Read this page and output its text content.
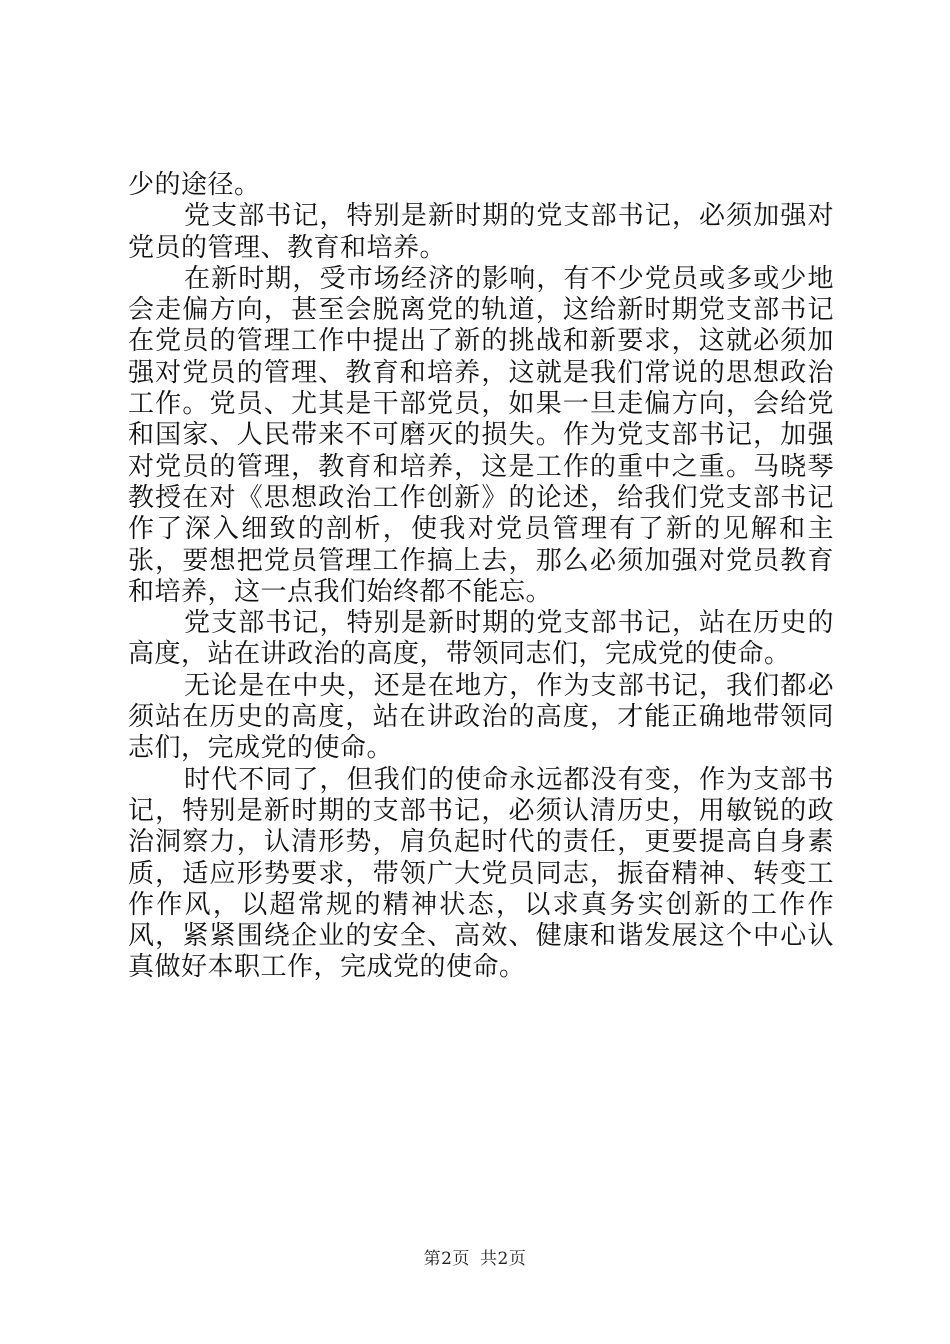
少的途径。

党支部书记，特别是新时期的党支部书记，必须加强对党员的管理、教育和培养。

在新时期，受市场经济的影响，有不少党员或多或少地会走偏方向，甚至会脱离党的轨道，这给新时期党支部书记在党员的管理工作中提出了新的挑战和新要求，这就必须加强对党员的管理、教育和培养，这就是我们常说的思想政治工作。党员、尤其是干部党员，如果一旦走偏方向，会给党和国家、人民带来不可磨灭的损失。作为党支部书记，加强对党员的管理，教育和培养，这是工作的重中之重。马晓琴教授在对《思想政治工作创新》的论述，给我们党支部书记作了深入细致的剖析，使我对党员管理有了新的见解和主张，要想把党员管理工作搞上去，那么必须加强对党员教育和培养，这一点我们始终都不能忘。

党支部书记，特别是新时期的党支部书记，站在历史的高度，站在讲政治的高度，带领同志们，完成党的使命。

无论是在中央，还是在地方，作为支部书记，我们都必须站在历史的高度，站在讲政治的高度，才能正确地带领同志们，完成党的使命。

时代不同了，但我们的使命永远都没有变，作为支部书记，特别是新时期的支部书记，必须认清历史，用敏锐的政治洞察力，认清形势，肩负起时代的责任，更要提高自身素质，适应形势要求，带领广大党员同志，振奋精神、转变工作作风，以超常规的精神状态，以求真务实创新的工作作风，紧紧围绕企业的安全、高效、健康和谐发展这个中心认真做好本职工作，完成党的使命。

第2页 共2页
